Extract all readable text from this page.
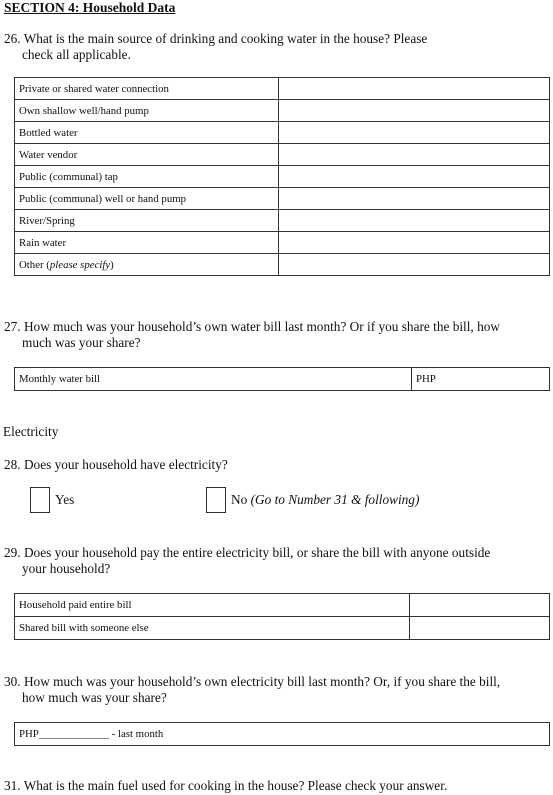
SECTION 4: Household Data
26. What is the main source of drinking and cooking water in the house? Please
check all applicable.
Private or shared water connection	
Own shallow well/hand pump	
Bottled water	
Water vendor	
Public (communal) tap	
Public (communal) well or hand pump	
River/Spring	
Rain water	
Other (please specify)	
27. How much was your household’s own water bill last month? Or if you share the bill, how
much was your share?
Monthly water bill	PHP
Electricity
28. Does your household have electricity?
Yes	No (Go to Number 31 & following)
29. Does your household pay the entire electricity bill, or share the bill with anyone outside
your household?
Household paid entire bill	
Shared bill with someone else	
30. How much was your household’s own electricity bill last month? Or, if you share the bill,
how much was your share?
PHP_____________ - last month
31. What is the main fuel used for cooking in the house? Please check your answer.
